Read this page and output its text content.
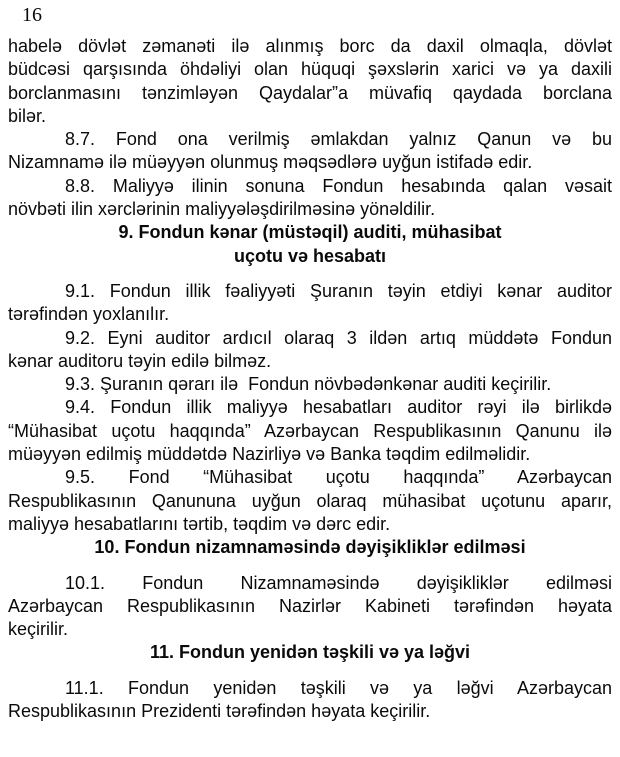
16
habelə dövlət zəmanəti ilə alınmış borc da daxil olmaqla, dövlət
büdcəsi qarşısında öhdəliyi olan hüquqi şəxslərin xarici və ya daxili
borclanmasını tənzimləyən Qaydalar”a müvafiq qaydada borclana
bilər.
8.7. Fond ona verilmiş əmlakdan yalnız Qanun və bu
Nizamnamə ilə müəyyən olunmuş məqsədlərə uyğun istifadə edir.
8.8. Maliyyə ilinin sonuna Fondun hesabında qalan vəsait
növbəti ilin xərclərinin maliyyələşdirilməsinə yönəldilir.
9. Fondun kənar (müstəqil) auditi, mühasibat
uçotu və hesabatı
9.1. Fondun illik fəaliyyəti Şuranın təyin etdiyi kənar auditor
tərəfindən yoxlanılır.
9.2. Eyni auditor ardıcıl olaraq 3 ildən artıq müddətə Fondun
kənar auditoru təyin edilə bilməz.
9.3. Şuranın qərarı ilə  Fondun növbədənkənar auditi keçirilir.
9.4. Fondun illik maliyyə hesabatları auditor rəyi ilə birlikdə
“Mühasibat uçotu haqqında” Azərbaycan Respublikasının Qanunu ilə
müəyyən edilmiş müddətdə Nazirliyə və Banka təqdim edilməlidir.
9.5. Fond “Mühasibat uçotu haqqında” Azərbaycan
Respublikasının Qanununa uyğun olaraq mühasibat uçotunu aparır,
maliyyə hesabatlarını tərtib, təqdim və dərc edir.
10. Fondun nizamnaməsində dəyişikliklər edilməsi
10.1. Fondun Nizamnaməsində dəyişikliklər edilməsi
Azərbaycan Respublikasının Nazirlər Kabineti tərəfindən həyata
keçirilir.
11. Fondun yenidən təşkili və ya ləğvi
11.1. Fondun yenidən təşkili və ya ləğvi Azərbaycan
Respublikasının Prezidenti tərəfindən həyata keçirilir.
